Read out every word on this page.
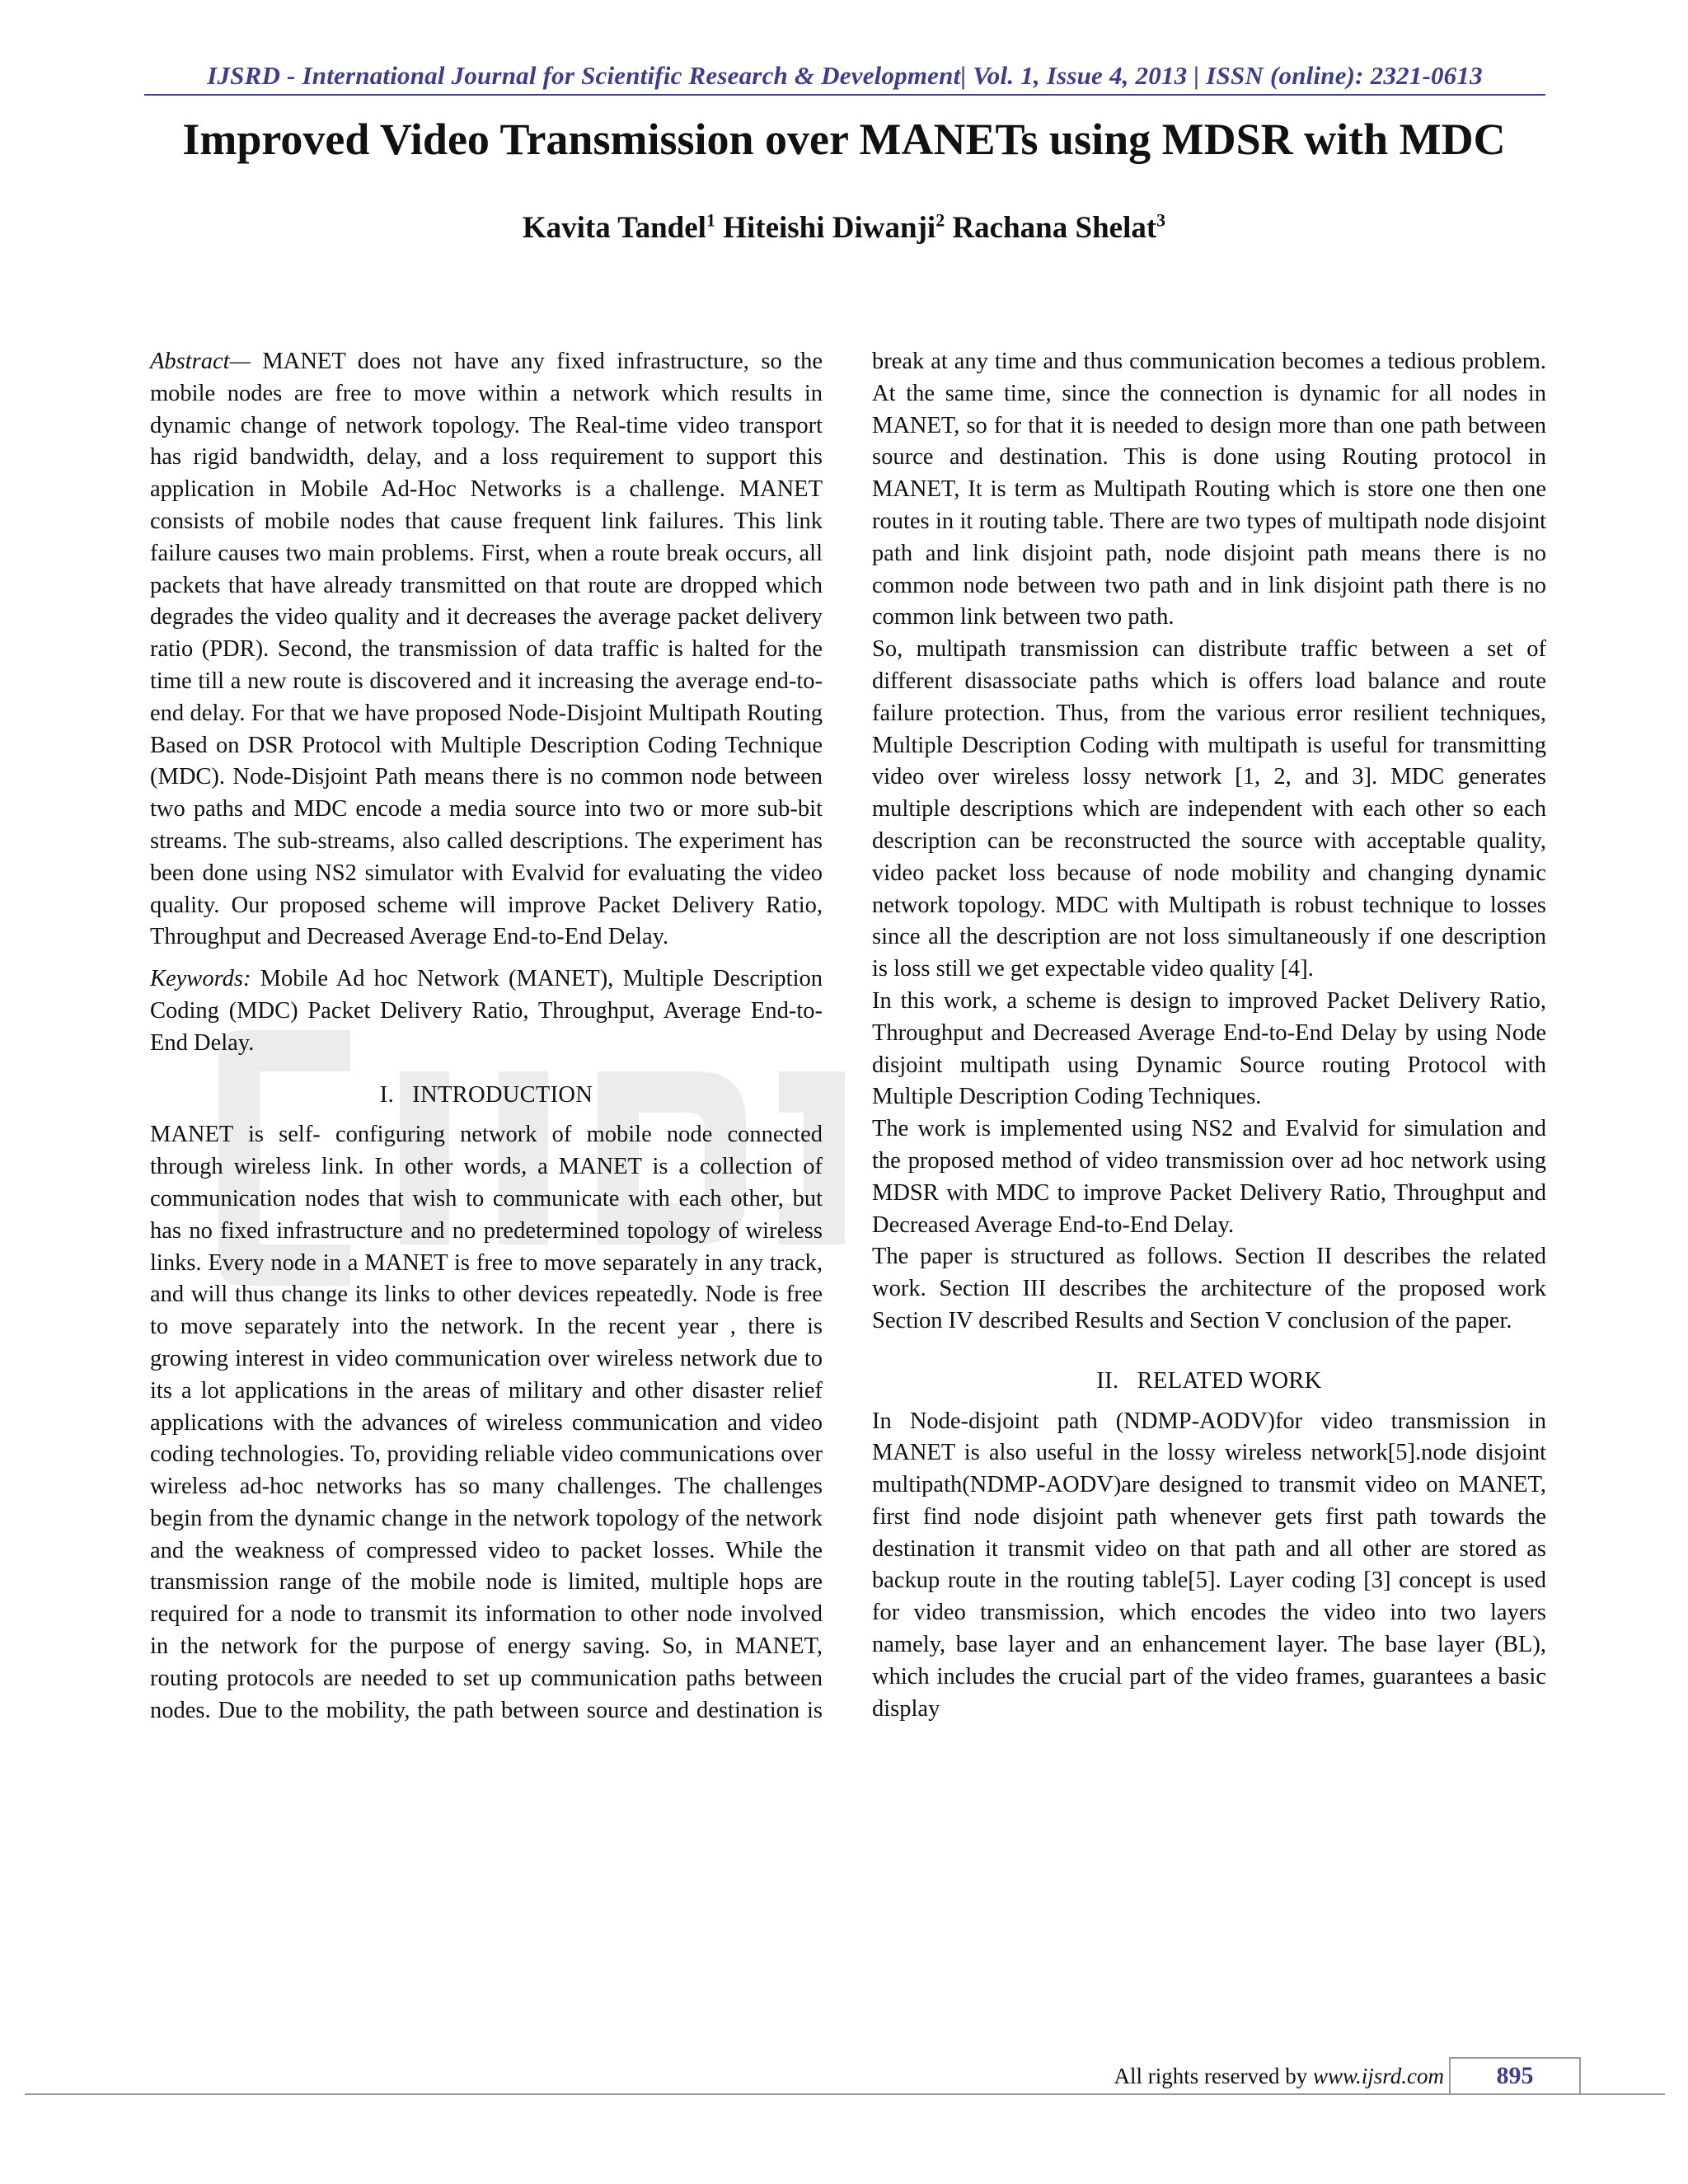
IJSRD - International Journal for Scientific Research & Development| Vol. 1, Issue 4, 2013 | ISSN (online): 2321-0613
Improved Video Transmission over MANETs using MDSR with MDC
Kavita Tandel$^1$ Hiteishi Diwanji$^2$ Rachana Shelat$^3$

Abstract— MANET does not have any fixed infrastructure, so the mobile nodes are free to move within a network which results in dynamic change of network topology. The Real-time video transport has rigid bandwidth, delay, and a loss requirement to support this application in Mobile Ad-Hoc Networks is a challenge. MANET consists of mobile nodes that cause frequent link failures. This link failure causes two main problems. First, when a route break occurs, all packets that have already transmitted on that route are dropped which degrades the video quality and it decreases the average packet delivery ratio (PDR). Second, the transmission of data traffic is halted for the time till a new route is discovered and it increasing the average end-to-end delay. For that we have proposed Node-Disjoint Multipath Routing Based on DSR Protocol with Multiple Description Coding Technique (MDC). Node-Disjoint Path means there is no common node between two paths and MDC encode a media source into two or more sub-bit streams. The sub-streams, also called descriptions. The experiment has been done using NS2 simulator with Evalvid for evaluating the video quality. Our proposed scheme will improve Packet Delivery Ratio, Throughput and Decreased Average End-to-End Delay.

Keywords: Mobile Ad hoc Network (MANET), Multiple Description Coding (MDC) Packet Delivery Ratio, Throughput, Average End-to-End Delay.

I.   INTRODUCTION

MANET is self- configuring network of mobile node connected through wireless link. In other words, a MANET is a collection of communication nodes that wish to communicate with each other, but has no fixed infrastructure and no predetermined topology of wireless links. Every node in a MANET is free to move separately in any track, and will thus change its links to other devices repeatedly. Node is free to move separately into the network. In the recent year , there is growing interest in video communication over wireless network due to its a lot applications in the areas of military and other disaster relief applications with the advances of wireless communication and video coding technologies. To, providing reliable video communications over wireless ad-hoc networks has so many challenges. The challenges begin from the dynamic change in the network topology of the network and the weakness of compressed video to packet losses. While the transmission range of the mobile node is limited, multiple hops are required for a node to transmit its information to other node involved in the network for the purpose of energy saving. So, in MANET, routing protocols are needed to set up communication paths between nodes. Due to the mobility, the path between source and destination is

break at any time and thus communication becomes a tedious problem. At the same time, since the connection is dynamic for all nodes in MANET, so for that it is needed to design more than one path between source and destination. This is done using Routing protocol in MANET, It is term as Multipath Routing which is store one then one routes in it routing table. There are two types of multipath node disjoint path and link disjoint path, node disjoint path means there is no common node between two path and in link disjoint path there is no common link between two path.

So, multipath transmission can distribute traffic between a set of different disassociate paths which is offers load balance and route failure protection. Thus, from the various error resilient techniques, Multiple Description Coding with multipath is useful for transmitting video over wireless lossy network [1, 2, and 3]. MDC generates multiple descriptions which are independent with each other so each description can be reconstructed the source with acceptable quality, video packet loss because of node mobility and changing dynamic network topology. MDC with Multipath is robust technique to losses since all the description are not loss simultaneously if one description is loss still we get expectable video quality [4].

In this work, a scheme is design to improved Packet Delivery Ratio, Throughput and Decreased Average End-to-End Delay by using Node disjoint multipath using Dynamic Source routing Protocol with Multiple Description Coding Techniques.

The work is implemented using NS2 and Evalvid for simulation and the proposed method of video transmission over ad hoc network using MDSR with MDC to improve Packet Delivery Ratio, Throughput and Decreased Average End-to-End Delay.

The paper is structured as follows. Section II describes the related work. Section III describes the architecture of the proposed work Section IV described Results and Section V conclusion of the paper.

II.   RELATED WORK

In Node-disjoint path (NDMP-AODV)for video transmission in MANET is also useful in the lossy wireless network[5].node disjoint multipath(NDMP-AODV)are designed to transmit video on MANET, first find node disjoint path whenever gets first path towards the destination it transmit video on that path and all other are stored as backup route in the routing table[5]. Layer coding [3] concept is used for video transmission, which encodes the video into two layers namely, base layer and an enhancement layer. The base layer (BL), which includes the crucial part of the video frames, guarantees a basic display

All rights reserved by www.ijsrd.com	895
